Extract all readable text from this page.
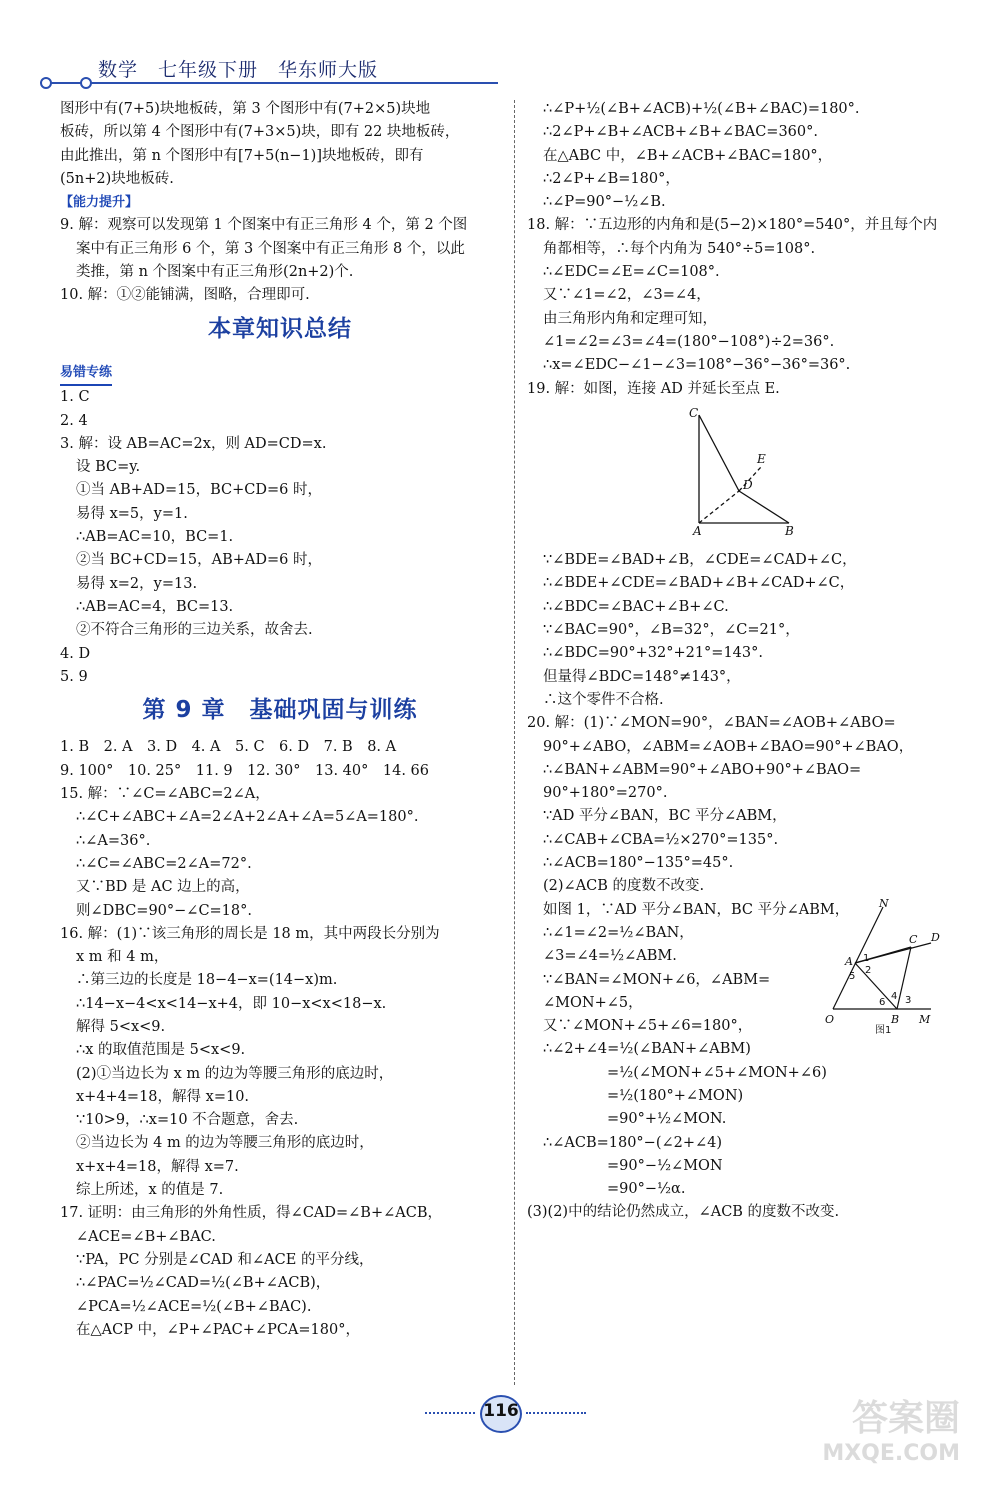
数学　七年级下册　华东师大版
图形中有(7+5)块地板砖，第 3 个图形中有(7+2×5)块地
板砖，所以第 4 个图形中有(7+3×5)块，即有 22 块地板砖，
由此推出，第 n 个图形中有[7+5(n−1)]块地板砖，即有
(5n+2)块地板砖.
【能力提升】
9. 解：观察可以发现第 1 个图案中有正三角形 4 个，第 2 个图
案中有正三角形 6 个，第 3 个图案中有正三角形 8 个，以此
类推，第 n 个图案中有正三角形(2n+2)个.
10. 解：①②能铺满，图略，合理即可.
本章知识总结
易错专练
1. C
2. 4
3. 解：设 AB=AC=2x，则 AD=CD=x.
设 BC=y.
①当 AB+AD=15，BC+CD=6 时，
易得 x=5，y=1.
∴AB=AC=10，BC=1.
②当 BC+CD=15，AB+AD=6 时，
易得 x=2，y=13.
∴AB=AC=4，BC=13.
②不符合三角形的三边关系，故舍去.
4. D
5. 9
第 9 章　基础巩固与训练
1. B　2. A　3. D　4. A　5. C　6. D　7. B　8. A
9. 100°　10. 25°　11. 9　12. 30°　13. 40°　14. 66
15. 解：∵∠C=∠ABC=2∠A，
∴∠C+∠ABC+∠A=2∠A+2∠A+∠A=5∠A=180°.
∴∠A=36°.
∴∠C=∠ABC=2∠A=72°.
又∵BD 是 AC 边上的高，
则∠DBC=90°−∠C=18°.
16. 解：(1)∵该三角形的周长是 18 m，其中两段长分别为
x m 和 4 m，
∴第三边的长度是 18−4−x=(14−x)m.
∴14−x−4<x<14−x+4，即 10−x<x<18−x.
解得 5<x<9.
∴x 的取值范围是 5<x<9.
(2)①当边长为 x m 的边为等腰三角形的底边时，
x+4+4=18，解得 x=10.
∵10>9，∴x=10 不合题意，舍去.
②当边长为 4 m 的边为等腰三角形的底边时，
x+x+4=18，解得 x=7.
综上所述，x 的值是 7.
17. 证明：由三角形的外角性质，得∠CAD=∠B+∠ACB，
∠ACE=∠B+∠BAC.
∵PA，PC 分别是∠CAD 和∠ACE 的平分线，
∴∠PAC=½∠CAD=½(∠B+∠ACB)，
∠PCA=½∠ACE=½(∠B+∠BAC).
在△ACP 中，∠P+∠PAC+∠PCA=180°，
∴∠P+½(∠B+∠ACB)+½(∠B+∠BAC)=180°.
∴2∠P+∠B+∠ACB+∠B+∠BAC=360°.
在△ABC 中，∠B+∠ACB+∠BAC=180°，
∴2∠P+∠B=180°，
∴∠P=90°−½∠B.
18. 解：∵五边形的内角和是(5−2)×180°=540°，并且每个内
角都相等，∴每个内角为 540°÷5=108°.
∴∠EDC=∠E=∠C=108°.
又∵∠1=∠2，∠3=∠4，
由三角形内角和定理可知，
∠1=∠2=∠3=∠4=(180°−108°)÷2=36°.
∴x=∠EDC−∠1−∠3=108°−36°−36°=36°.
19. 解：如图，连接 AD 并延长至点 E.
C
E
D
A	B
∵∠BDE=∠BAD+∠B，∠CDE=∠CAD+∠C，
∴∠BDE+∠CDE=∠BAD+∠B+∠CAD+∠C，
∴∠BDC=∠BAC+∠B+∠C.
∵∠BAC=90°，∠B=32°，∠C=21°，
∴∠BDC=90°+32°+21°=143°.
但量得∠BDC=148°≠143°，
∴这个零件不合格.
20. 解：(1)∵∠MON=90°，∠BAN=∠AOB+∠ABO=
90°+∠ABO，∠ABM=∠AOB+∠BAO=90°+∠BAO，
∴∠BAN+∠ABM=90°+∠ABO+90°+∠BAO=
90°+180°=270°.
∵AD 平分∠BAN，BC 平分∠ABM，
∴∠CAB+∠CBA=½×270°=135°.
∴∠ACB=180°−135°=45°.
(2)∠ACB 的度数不改变.
N
A
C D
O	B M
1
2
3
4
5
6
图1
如图 1，∵AD 平分∠BAN，BC 平分∠ABM，
∴∠1=∠2=½∠BAN，
∠3=∠4=½∠ABM.
∵∠BAN=∠MON+∠6，∠ABM=
∠MON+∠5，
又∵∠MON+∠5+∠6=180°，
∴∠2+∠4=½(∠BAN+∠ABM)
=½(∠MON+∠5+∠MON+∠6)
=½(180°+∠MON)
=90°+½∠MON.
∴∠ACB=180°−(∠2+∠4)
=90°−½∠MON
=90°−½α.
(3)(2)中的结论仍然成立，∠ACB 的度数不改变.
116	答案圈
MXQE.COM
